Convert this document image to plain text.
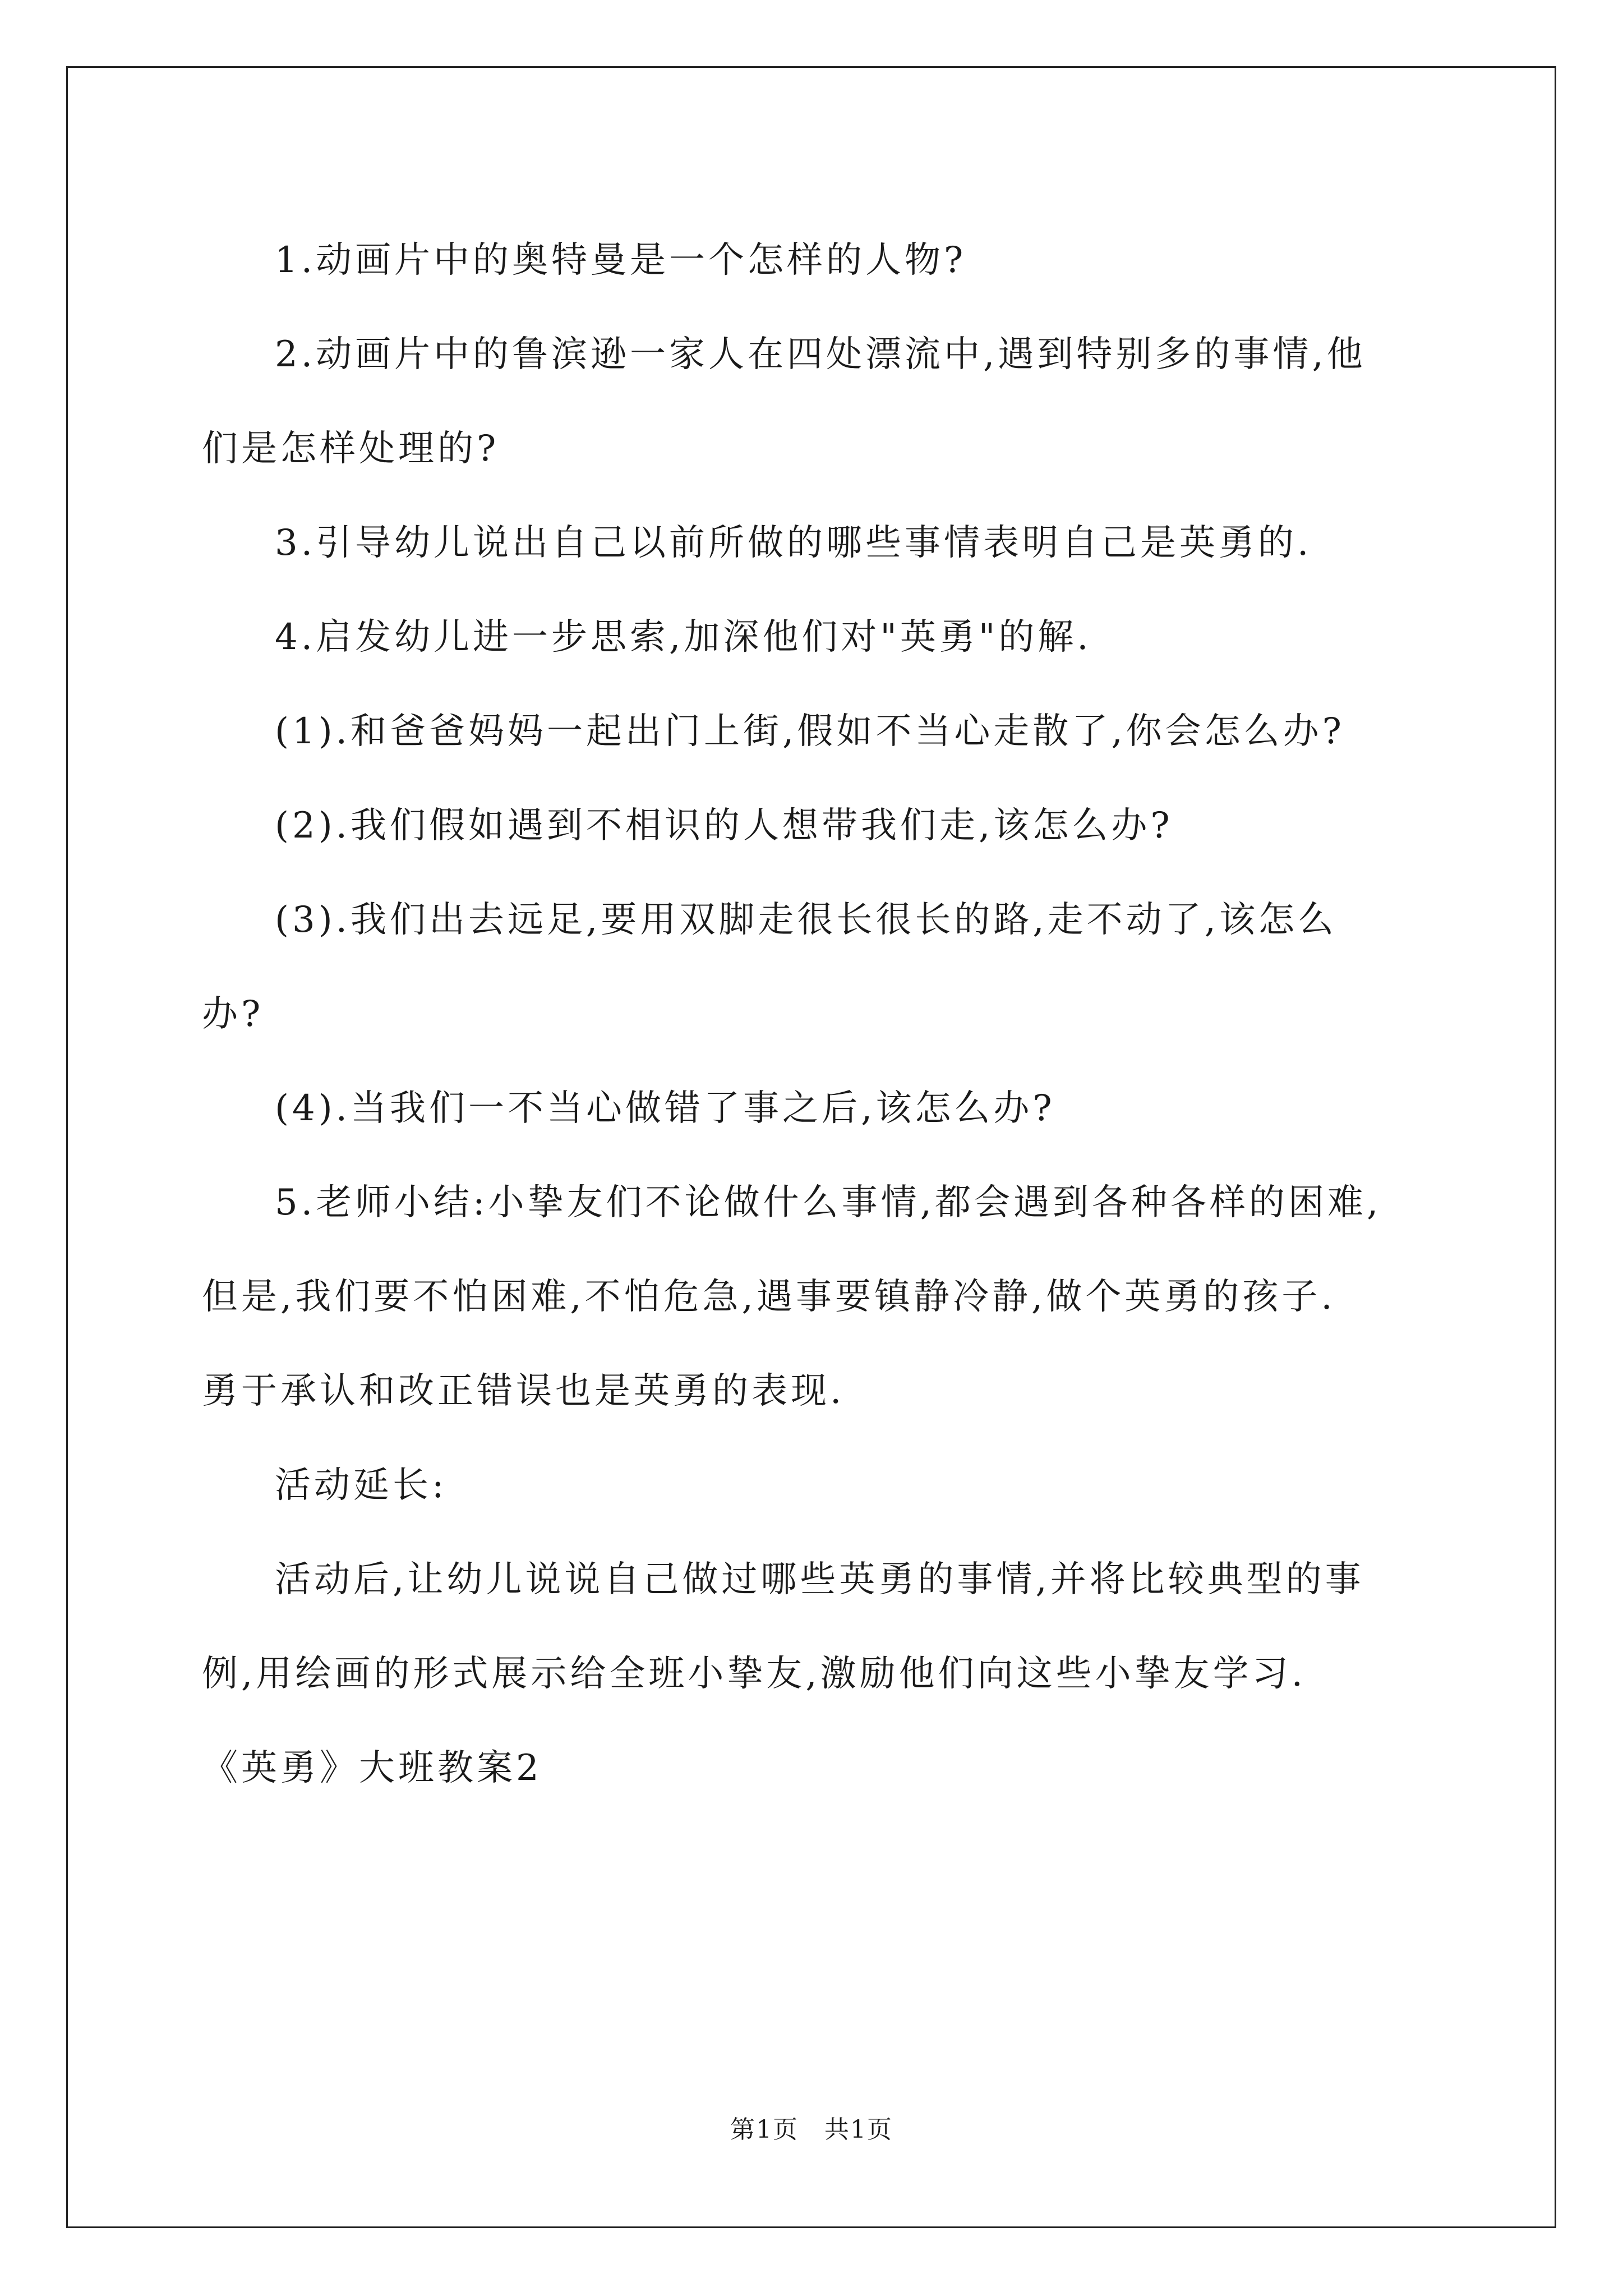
1.动画片中的奥特曼是一个怎样的人物?

2.动画片中的鲁滨逊一家人在四处漂流中,遇到特别多的事情,他

们是怎样处理的?

3.引导幼儿说出自己以前所做的哪些事情表明自己是英勇的.

4.启发幼儿进一步思索,加深他们对"英勇"的解.

(1).和爸爸妈妈一起出门上街,假如不当心走散了,你会怎么办?

(2).我们假如遇到不相识的人想带我们走,该怎么办?

(3).我们出去远足,要用双脚走很长很长的路,走不动了,该怎么

办?

(4).当我们一不当心做错了事之后,该怎么办?

5.老师小结:小挚友们不论做什么事情,都会遇到各种各样的困难,

但是,我们要不怕困难,不怕危急,遇事要镇静冷静,做个英勇的孩子.

勇于承认和改正错误也是英勇的表现.

活动延长:

活动后,让幼儿说说自己做过哪些英勇的事情,并将比较典型的事

例,用绘画的形式展示给全班小挚友,激励他们向这些小挚友学习.

《英勇》大班教案2

第1页　共1页
